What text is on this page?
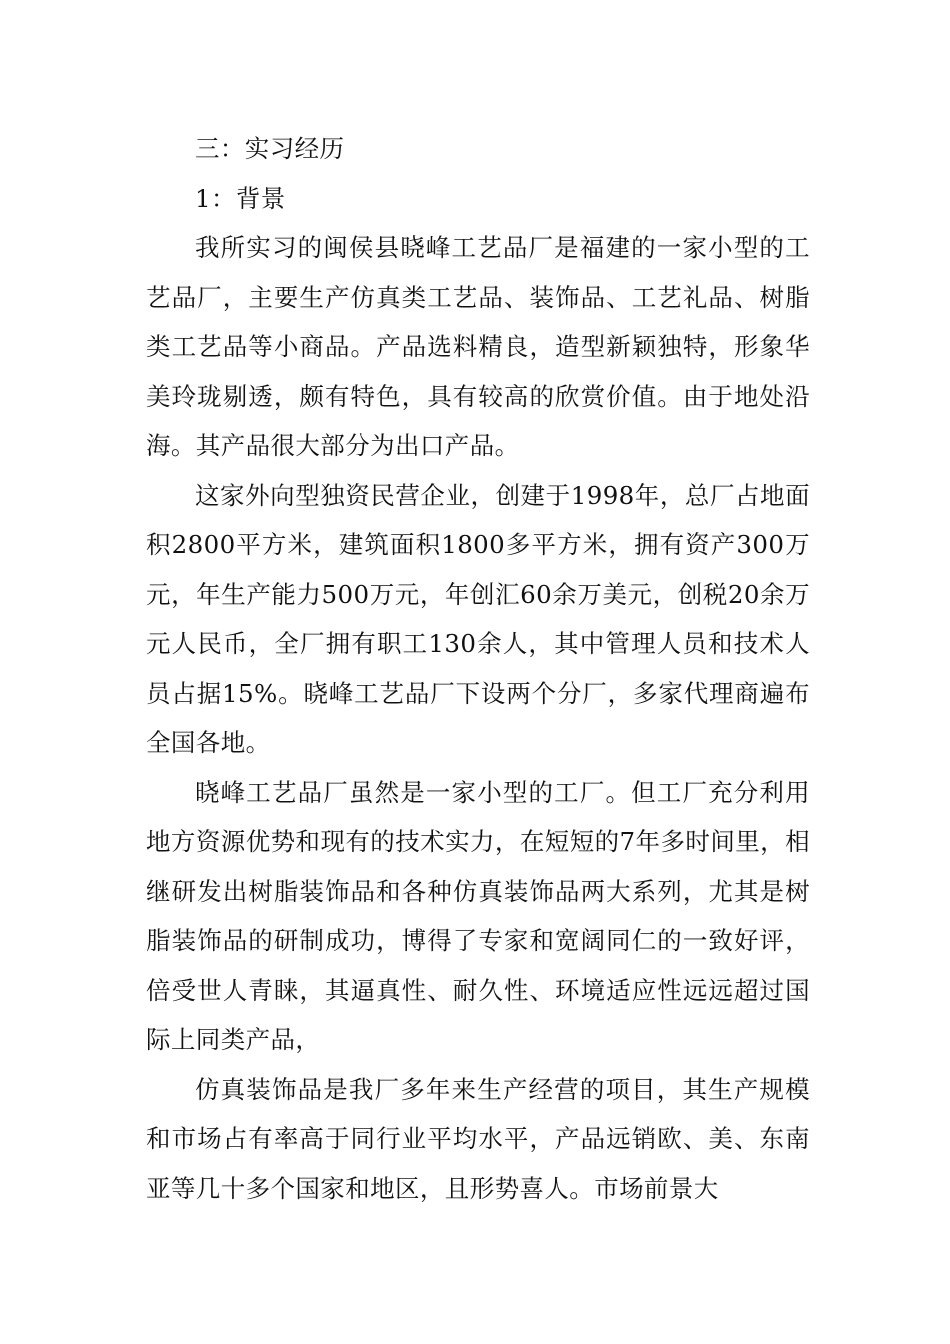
三：实习经历
1：背景

我所实习的闽侯县晓峰工艺品厂是福建的一家小型的工艺品厂，主要生产仿真类工艺品、装饰品、工艺礼品、树脂类工艺品等小商品。产品选料精良，造型新颖独特，形象华美玲珑剔透，颇有特色，具有较高的欣赏价值。由于地处沿海。其产品很大部分为出口产品。

这家外向型独资民营企业，创建于1998年，总厂占地面积2800平方米，建筑面积1800多平方米，拥有资产300万元，年生产能力500万元，年创汇60余万美元，创税20余万元人民币，全厂拥有职工130余人，其中管理人员和技术人员占据15%。晓峰工艺品厂下设两个分厂，多家代理商遍布全国各地。

晓峰工艺品厂虽然是一家小型的工厂。但工厂充分利用地方资源优势和现有的技术实力，在短短的7年多时间里，相继研发出树脂装饰品和各种仿真装饰品两大系列，尤其是树脂装饰品的研制成功，博得了专家和宽阔同仁的一致好评，倍受世人青睐，其逼真性、耐久性、环境适应性远远超过国际上同类产品，

仿真装饰品是我厂多年来生产经营的项目，其生产规模和市场占有率高于同行业平均水平，产品远销欧、美、东南亚等几十多个国家和地区，且形势喜人。市场前景大
